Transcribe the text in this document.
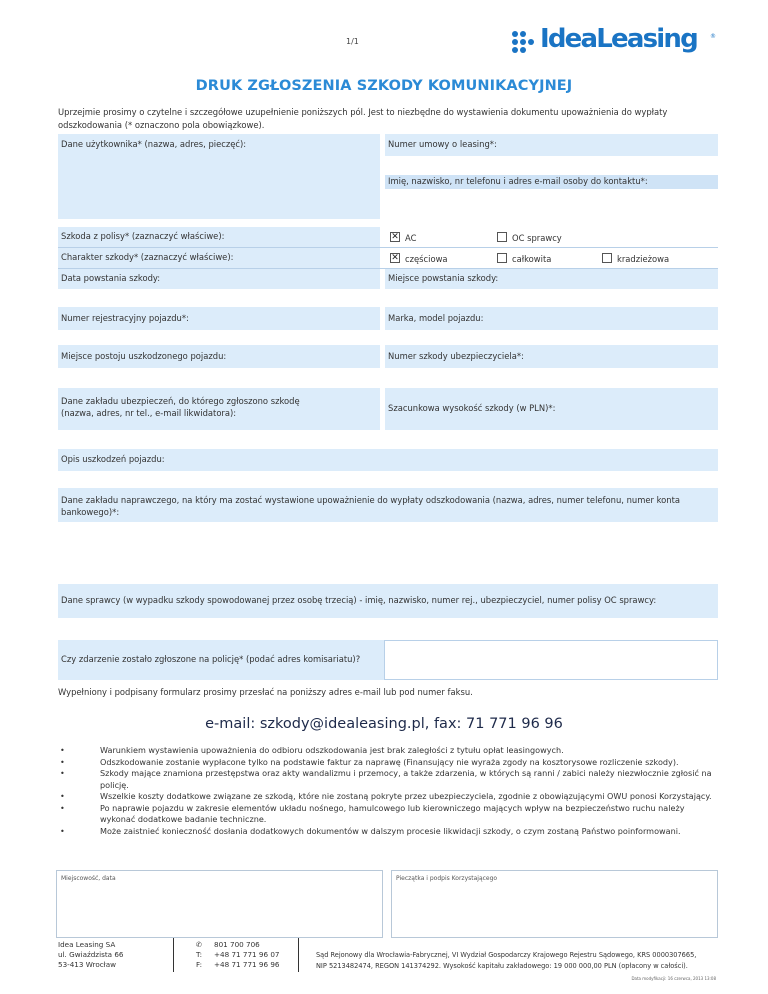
1/1	IdeaLeasing ®
DRUK ZGŁOSZENIA SZKODY KOMUNIKACYJNEJ
Uprzejmie prosimy o czytelne i szczegółowe uzupełnienie poniższych pól. Jest to niezbędne do wystawienia dokumentu upoważnienia do wypłaty odszkodowania (* oznaczono pola obowiązkowe).
Dane użytkownika* (nazwa, adres, pieczęć):	Numer umowy o leasing*:
Imię, nazwisko, nr telefonu i adres e-mail osoby do kontaktu*:
Szkoda z polisy* (zaznaczyć właściwe):	✕ AC	OC sprawcy
Charakter szkody* (zaznaczyć właściwe):	✕ częściowa	całkowita	kradzieżowa
Data powstania szkody:	Miejsce powstania szkody:
Numer rejestracyjny pojazdu*:	Marka, model pojazdu:
Miejsce postoju uszkodzonego pojazdu:	Numer szkody ubezpieczyciela*:
Dane zakładu ubezpieczeń, do którego zgłoszono szkodę
(nazwa, adres, nr tel., e-mail likwidatora):	Szacunkowa wysokość szkody (w PLN)*:
Opis uszkodzeń pojazdu:
Dane zakładu naprawczego, na który ma zostać wystawione upoważnienie do wypłaty odszkodowania (nazwa, adres, numer telefonu, numer konta
bankowego)*:
Dane sprawcy (w wypadku szkody spowodowanej przez osobę trzecią) - imię, nazwisko, numer rej., ubezpieczyciel, numer polisy OC sprawcy:
Czy zdarzenie zostało zgłoszone na policję* (podać adres komisariatu)?
Wypełniony i podpisany formularz prosimy przesłać na poniższy adres e-mail lub pod numer faksu.
e-mail: szkody@idealeasing.pl, fax: 71 771 96 96
•	Warunkiem wystawienia upoważnienia do odbioru odszkodowania jest brak zaległości z tytułu opłat leasingowych.
•	Odszkodowanie zostanie wypłacone tylko na podstawie faktur za naprawę (Finansujący nie wyraża zgody na kosztorysowe rozliczenie szkody).
•	Szkody mające znamiona przestępstwa oraz akty wandalizmu i przemocy, a także zdarzenia, w których są ranni / zabici należy niezwłocznie zgłosić na policję.
•	Wszelkie koszty dodatkowe związane ze szkodą, które nie zostaną pokryte przez ubezpieczyciela, zgodnie z obowiązującymi OWU ponosi Korzystający.
•	Po naprawie pojazdu w zakresie elementów układu nośnego, hamulcowego lub kierowniczego mających wpływ na bezpieczeństwo ruchu należy wykonać dodatkowe badanie techniczne.
•	Może zaistnieć konieczność dosłania dodatkowych dokumentów w dalszym procesie likwidacji szkody, o czym zostaną Państwo poinformowani.
Miejscowość, data	Pieczątka i podpis Korzystającego
Idea Leasing SA
ul. Gwiaździsta 66
53-413 Wrocław
✆ 801 700 706
T: +48 71 771 96 07
F: +48 71 771 96 96
Sąd Rejonowy dla Wrocławia-Fabrycznej, VI Wydział Gospodarczy Krajowego Rejestru Sądowego, KRS 0000307665,
NIP 5213482474, REGON 141374292. Wysokość kapitału zakładowego: 19 000 000,00 PLN (opłacony w całości).
Data modyfikacji: 16 czerwca, 2013 13:08
